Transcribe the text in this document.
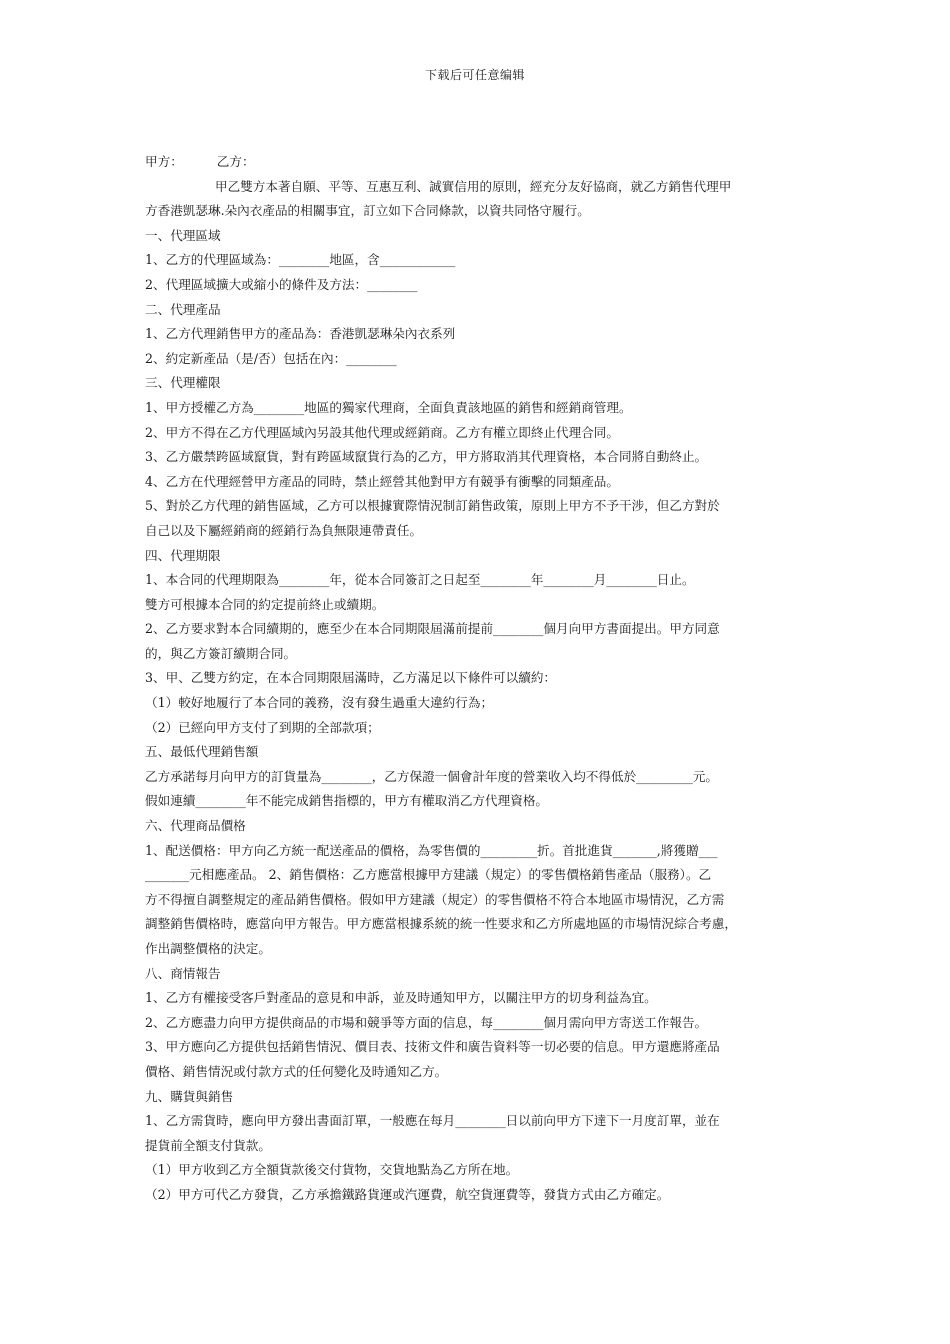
下载后可任意编辑
甲方：	乙方：
甲乙雙方本著自願、平等、互惠互利、誠實信用的原則，經充分友好協商，就乙方銷售代理甲
方香港凱瑟琳.朵內衣產品的相關事宜，訂立如下合同條款，以資共同恪守履行。
一、代理區域
1、乙方的代理區域為：________地區，含____________
2、代理區域擴大或縮小的條件及方法：________
二、代理產品
1、乙方代理銷售甲方的產品為：香港凱瑟琳朵內衣系列
2、約定新產品（是/否）包括在內：________
三、代理權限
1、甲方授權乙方為________地區的獨家代理商，全面負責該地區的銷售和經銷商管理。
2、甲方不得在乙方代理區域內另設其他代理或經銷商。乙方有權立即終止代理合同。
3、乙方嚴禁跨區域竄貨，對有跨區域竄貨行為的乙方，甲方將取消其代理資格，本合同將自動終止。
4、乙方在代理經營甲方產品的同時，禁止經營其他對甲方有競爭有衝擊的同類產品。
5、對於乙方代理的銷售區域，乙方可以根據實際情況制訂銷售政策，原則上甲方不予干涉，但乙方對於
自己以及下屬經銷商的經銷行為負無限連帶責任。
四、代理期限
1、本合同的代理期限為________年，從本合同簽訂之日起至________年________月________日止。
雙方可根據本合同的約定提前終止或續期。
2、乙方要求對本合同續期的，應至少在本合同期限屆滿前提前________個月向甲方書面提出。甲方同意
的，與乙方簽訂續期合同。
3、甲、乙雙方約定，在本合同期限屆滿時，乙方滿足以下條件可以續約：
（1）較好地履行了本合同的義務，沒有發生過重大違約行為；
（2）已經向甲方支付了到期的全部款項；
五、最低代理銷售額
乙方承諾每月向甲方的訂貨量為________，乙方保證一個會計年度的營業收入均不得低於_________元。
假如連續________年不能完成銷售指標的，甲方有權取消乙方代理資格。
六、代理商品價格
1、配送價格：甲方向乙方統一配送產品的價格，為零售價的_________折。首批進貨_______,將獲贈___
_______元相應產品。 2、銷售價格：乙方應當根據甲方建議（規定）的零售價格銷售產品（服務）。乙
方不得擅自調整規定的產品銷售價格。假如甲方建議（規定）的零售價格不符合本地區市場情況，乙方需
調整銷售價格時，應當向甲方報告。甲方應當根據系統的統一性要求和乙方所處地區的市場情況綜合考慮，
作出調整價格的決定。
八、商情報告
1、乙方有權接受客戶對產品的意見和申訴，並及時通知甲方，以關注甲方的切身利益為宜。
2、乙方應盡力向甲方提供商品的市場和競爭等方面的信息，每________個月需向甲方寄送工作報告。
3、甲方應向乙方提供包括銷售情況、價目表、技術文件和廣告資料等一切必要的信息。甲方還應將產品
價格、銷售情況或付款方式的任何變化及時通知乙方。
九、購貨與銷售
1、乙方需貨時，應向甲方發出書面訂單，一般應在每月________日以前向甲方下達下一月度訂單，並在
提貨前全額支付貨款。
（1）甲方收到乙方全額貨款後交付貨物，交貨地點為乙方所在地。
（2）甲方可代乙方發貨，乙方承擔鐵路貨運或汽運費，航空貨運費等，發貨方式由乙方確定。
